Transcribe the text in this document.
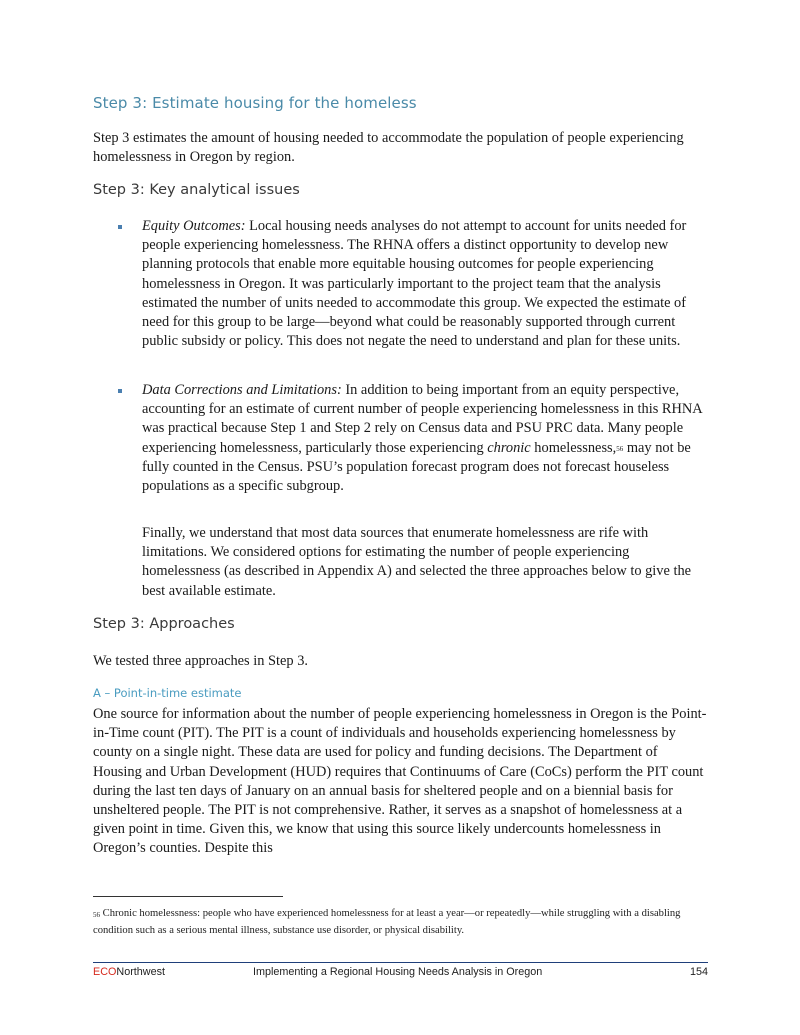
Step 3: Estimate housing for the homeless

Step 3 estimates the amount of housing needed to accommodate the population of people experiencing homelessness in Oregon by region.

Step 3: Key analytical issues

Equity Outcomes: Local housing needs analyses do not attempt to account for units needed for people experiencing homelessness. The RHNA offers a distinct opportunity to develop new planning protocols that enable more equitable housing outcomes for people experiencing homelessness in Oregon. It was particularly important to the project team that the analysis estimated the number of units needed to accommodate this group. We expected the estimate of need for this group to be large—beyond what could be reasonably supported through current public subsidy or policy. This does not negate the need to understand and plan for these units.

Data Corrections and Limitations: In addition to being important from an equity perspective, accounting for an estimate of current number of people experiencing homelessness in this RHNA was practical because Step 1 and Step 2 rely on Census data and PSU PRC data. Many people experiencing homelessness, particularly those experiencing chronic homelessness,$^{56}$ may not be fully counted in the Census. PSU’s population forecast program does not forecast houseless populations as a specific subgroup.

Finally, we understand that most data sources that enumerate homelessness are rife with limitations. We considered options for estimating the number of people experiencing homelessness (as described in Appendix A) and selected the three approaches below to give the best available estimate.

Step 3: Approaches

We tested three approaches in Step 3.

A – Point-in-time estimate

One source for information about the number of people experiencing homelessness in Oregon is the Point-in-Time count (PIT). The PIT is a count of individuals and households experiencing homelessness by county on a single night. These data are used for policy and funding decisions. The Department of Housing and Urban Development (HUD) requires that Continuums of Care (CoCs) perform the PIT count during the last ten days of January on an annual basis for sheltered people and on a biennial basis for unsheltered people. The PIT is not comprehensive. Rather, it serves as a snapshot of homelessness at a given point in time. Given this, we know that using this source likely undercounts homelessness in Oregon’s counties. Despite this

$^{56}$ Chronic homelessness: people who have experienced homelessness for at least a year—or repeatedly—while struggling with a disabling condition such as a serious mental illness, substance use disorder, or physical disability.
ECONorthwest	Implementing a Regional Housing Needs Analysis in Oregon	154
